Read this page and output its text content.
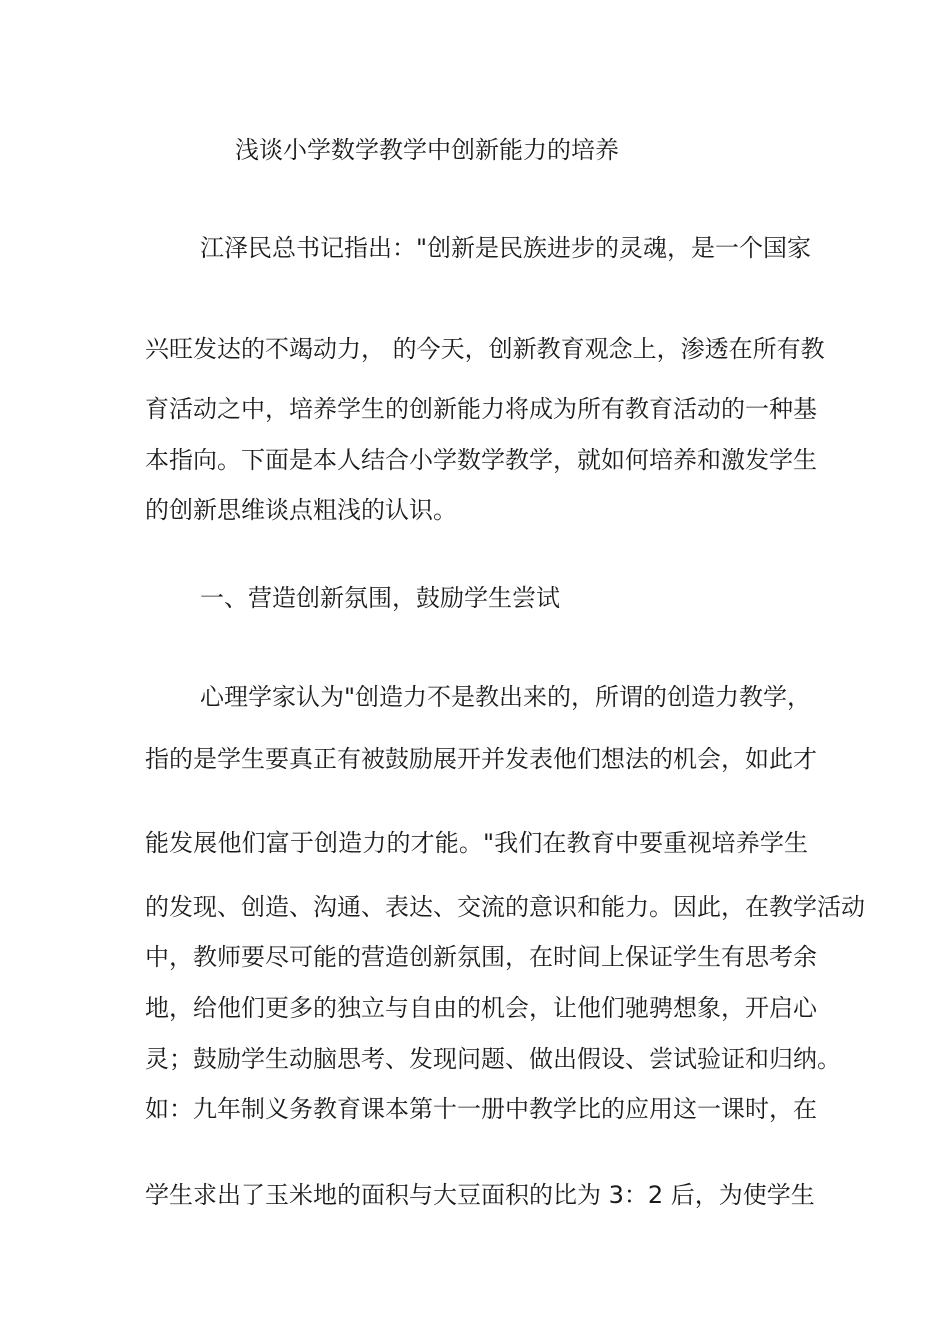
浅谈小学数学教学中创新能力的培养
江泽民总书记指出："创新是民族进步的灵魂，是一个国家
兴旺发达的不竭动力， 的今天，创新教育观念上，渗透在所有教
育活动之中，培养学生的创新能力将成为所有教育活动的一种基
本指向。下面是本人结合小学数学教学，就如何培养和激发学生
的创新思维谈点粗浅的认识。
一、营造创新氛围，鼓励学生尝试
心理学家认为"创造力不是教出来的，所谓的创造力教学，
指的是学生要真正有被鼓励展开并发表他们想法的机会，如此才
能发展他们富于创造力的才能。"我们在教育中要重视培养学生
的发现、创造、沟通、表达、交流的意识和能力。因此，在教学活动
中，教师要尽可能的营造创新氛围，在时间上保证学生有思考余
地，给他们更多的独立与自由的机会，让他们驰骋想象，开启心
灵；鼓励学生动脑思考、发现问题、做出假设、尝试验证和归纳。
如：九年制义务教育课本第十一册中教学比的应用这一课时，在
学生求出了玉米地的面积与大豆面积的比为 3：2 后，为使学生
